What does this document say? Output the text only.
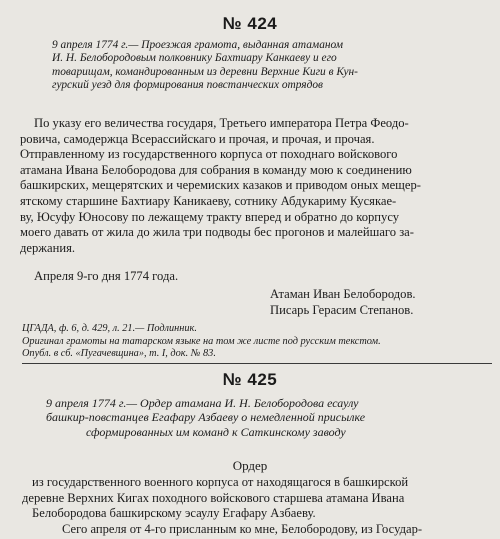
№ 424
9 апреля 1774 г.— Проезжая грамота, выданная атаманом
И. Н. Белобородовым полковнику Бахтиару Канкаеву и его
товарищам, командированным из деревни Верхние Киги в Кун-
гурский уезд для формирования повстанческих отрядов
По указу его величества государя, Третьего императора Петра Феодо-
ровича, самодержца Всерассийскаго и прочая, и прочая, и прочая.
Отправленному из государственного корпуса от походнаго войскового
атамана Ивана Белобородова для собрания в команду мою к соединению
башкирских, мещерятских и черемиских казаков и приводом оных мещер-
ятскому старшине Бахтиару Каникаеву, сотнику Абдукариму Кусякае-
ву, Юсуфу Юносову по лежащему тракту вперед и обратно до корпусу
моего давать от жила до жила три подводы бес прогонов и малейшаго за-
держания.
Апреля 9-го дня 1774 года.
Атаман Иван Белобородов.
Писарь Герасим Степанов.
ЦГАДА, ф. 6, д. 429, л. 21.— Подлинник.
Оригинал грамоты на татарском языке на том же листе под русским текстом.
Опубл. в сб. «Пугачевщина», т. I, док. № 83.
№ 425
9 апреля 1774 г.— Ордер атамана И. Н. Белобородова есаулу
башкир-повстанцев Егафару Азбаеву о немедленной присылке
сформированных им команд к Саткинскому заводу
Ордер
из государственного военного корпуса от находящагося в башкирской
деревне Верхних Кигах походного войскового старшева атамана Ивана
Белобородова башкирскому эсаулу Егафару Азбаеву.
Сего апреля от 4-го присланным ко мне, Белобородову, из Государ-
